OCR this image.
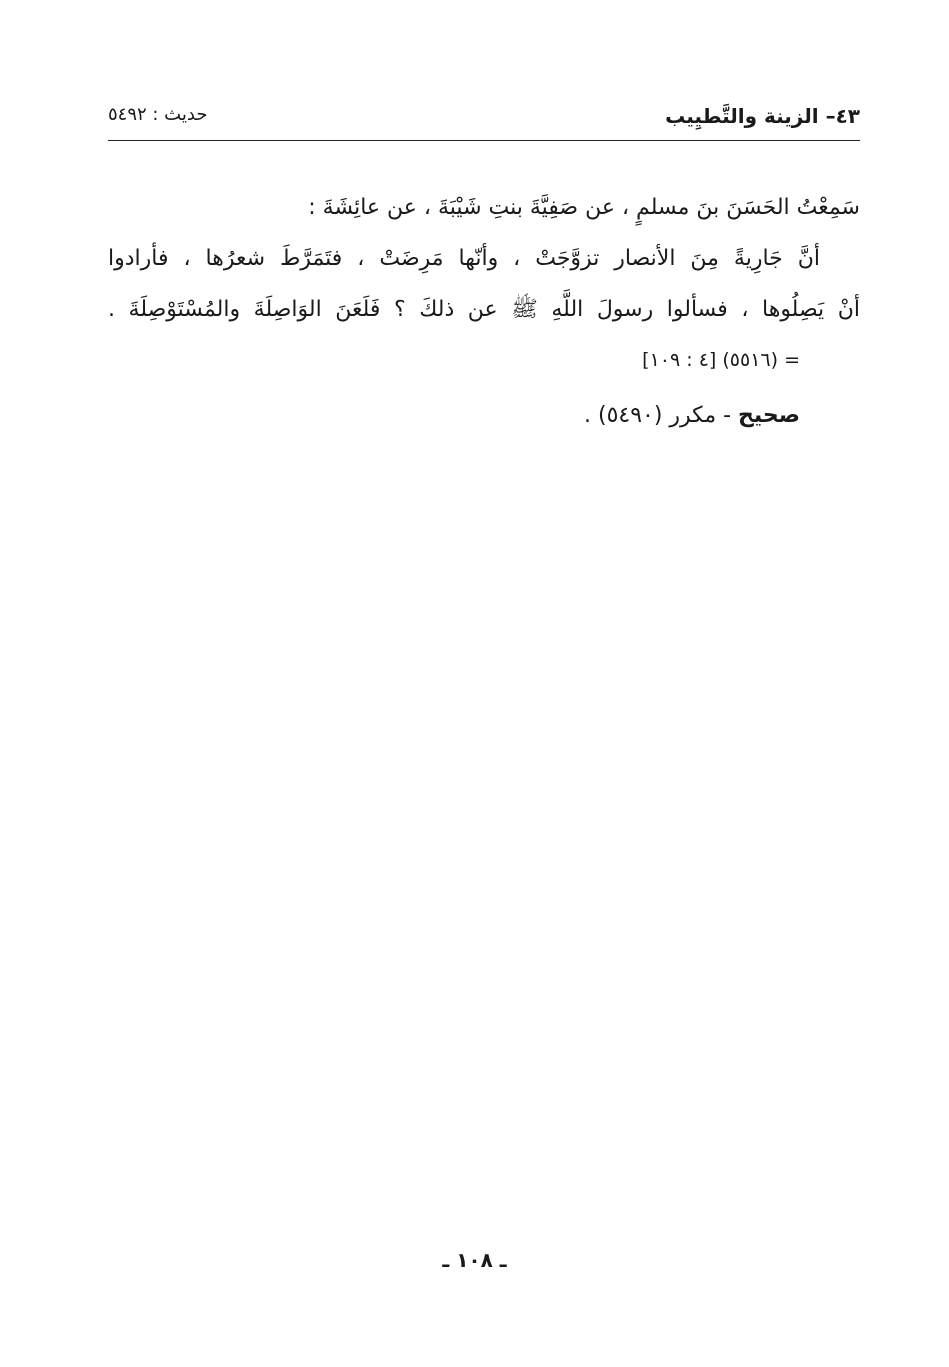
٤٣– الزينة والتَّطيِيب
حديث : ٥٤٩٢
سَمِعْتُ الحَسَنَ بنَ مسلمٍ ، عن صَفِيَّةَ بنتِ شَيْبَةَ ، عن عائِشَةَ :
أنَّ جَارِيةً مِنَ الأنصار تزوَّجَتْ ، وأنّها مَرِضَتْ ، فتَمَرَّطَ شعرُها ، فأرادوا
أنْ يَصِلُوها ، فسألوا رسولَ اللَّهِ ﷺ عن ذلكَ ؟ فَلَعَنَ الوَاصِلَةَ والمُسْتَوْصِلَةَ .
= (٥٥١٦) [٤ : ١٠٩]
صحيح - مكرر (٥٤٩٠) .
ـ ١٠٨ ـ
